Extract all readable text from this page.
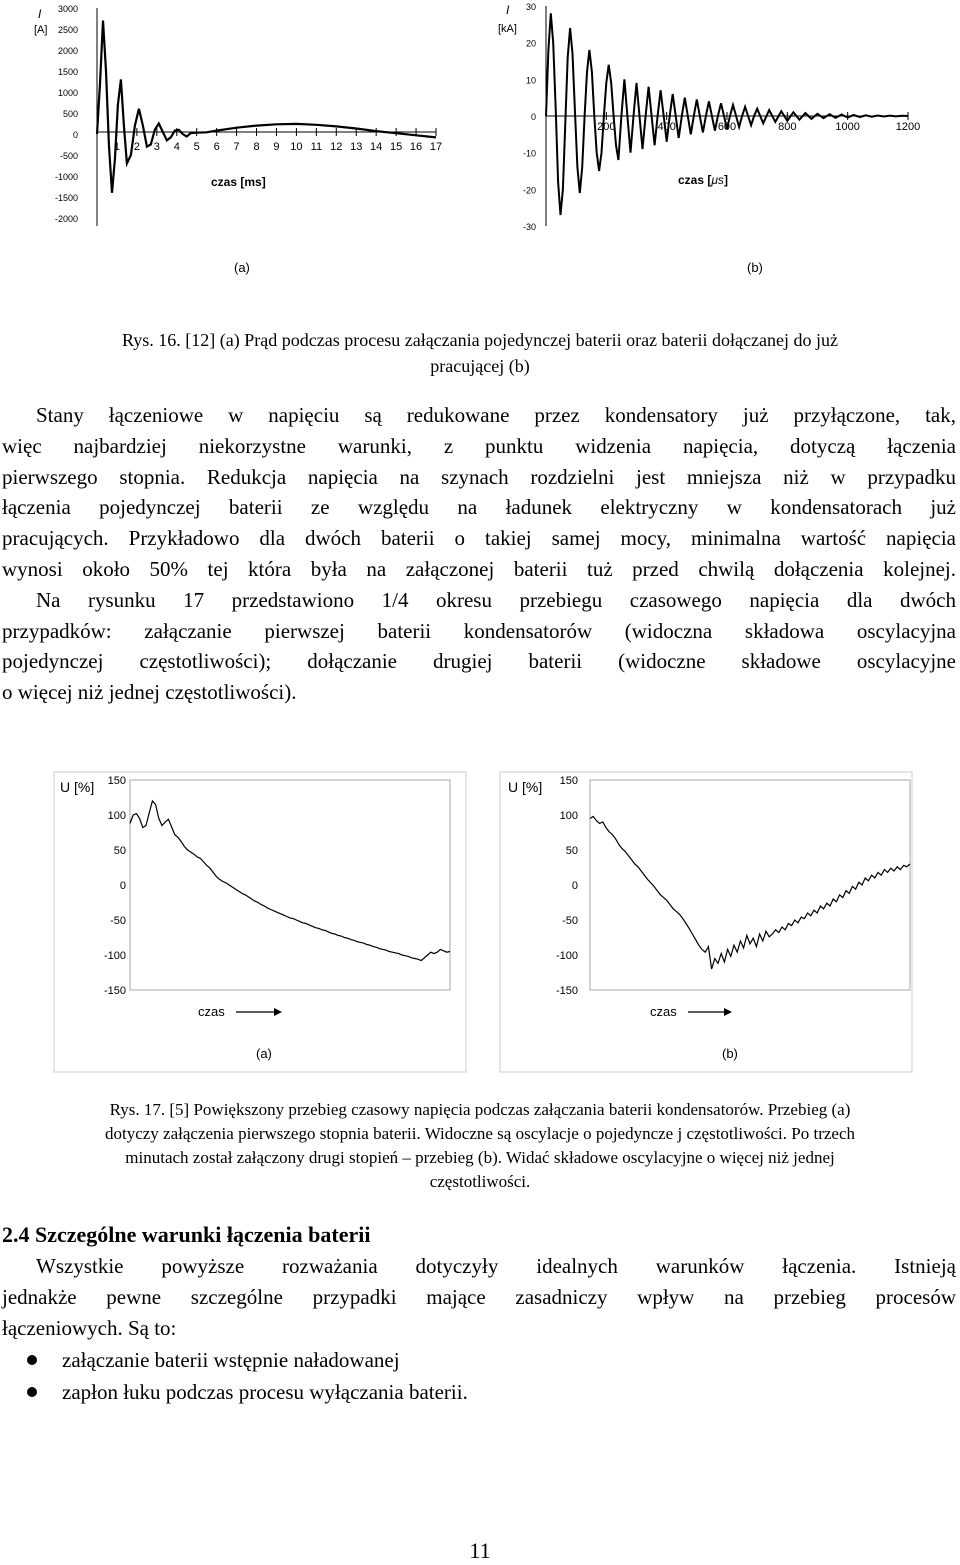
I
[A]
3000
2500
2000
1500
1000
500
0
-500
-1000
-1500
-2000
1 2 3 4 5 6 7 8 9 10 11 12 13 14 15 16 17
czas [ms]
(a)
I
[kA]
30
20
10
0
-10
-20
-30
200	400	600	800	1000	1200
czas [μs]
(b)
Rys. 16. [12] (a) Prąd podczas procesu załączania pojedynczej baterii oraz baterii dołączanej do już
pracującej (b)
Stany łączeniowe w napięciu są redukowane przez kondensatory już przyłączone, tak,
więc najbardziej niekorzystne warunki, z punktu widzenia napięcia, dotyczą łączenia
pierwszego stopnia. Redukcja napięcia na szynach rozdzielni jest mniejsza niż w przypadku
łączenia pojedynczej baterii ze względu na ładunek elektryczny w kondensatorach już
pracujących. Przykładowo dla dwóch baterii o takiej samej mocy, minimalna wartość napięcia
wynosi około 50% tej która była na załączonej baterii tuż przed chwilą dołączenia kolejnej.
Na rysunku 17 przedstawiono 1/4 okresu przebiegu czasowego napięcia dla dwóch
przypadków: załączanie pierwszej baterii kondensatorów (widoczna składowa oscylacyjna
pojedynczej częstotliwości); dołączanie drugiej baterii (widoczne składowe oscylacyjne
o więcej niż jednej częstotliwości).
U [%] 150
100
50
0
-50
-100
-150
czas
(a)
U [%] 150
100
50
0
-50
-100
-150
czas
(b)
Rys. 17. [5] Powiększony przebieg czasowy napięcia podczas załączania baterii kondensatorów. Przebieg (a)
dotyczy załączenia pierwszego stopnia baterii. Widoczne są oscylacje o pojedyncze j częstotliwości. Po trzech
minutach został załączony drugi stopień – przebieg (b). Widać składowe oscylacyjne o więcej niż jednej
częstotliwości.
2.4 Szczególne warunki łączenia baterii
Wszystkie powyższe rozważania dotyczyły idealnych warunków łączenia. Istnieją
jednakże pewne szczególne przypadki mające zasadniczy wpływ na przebieg procesów
łączeniowych. Są to:
załączanie baterii wstępnie naładowanej
zapłon łuku podczas procesu wyłączania baterii.
11
